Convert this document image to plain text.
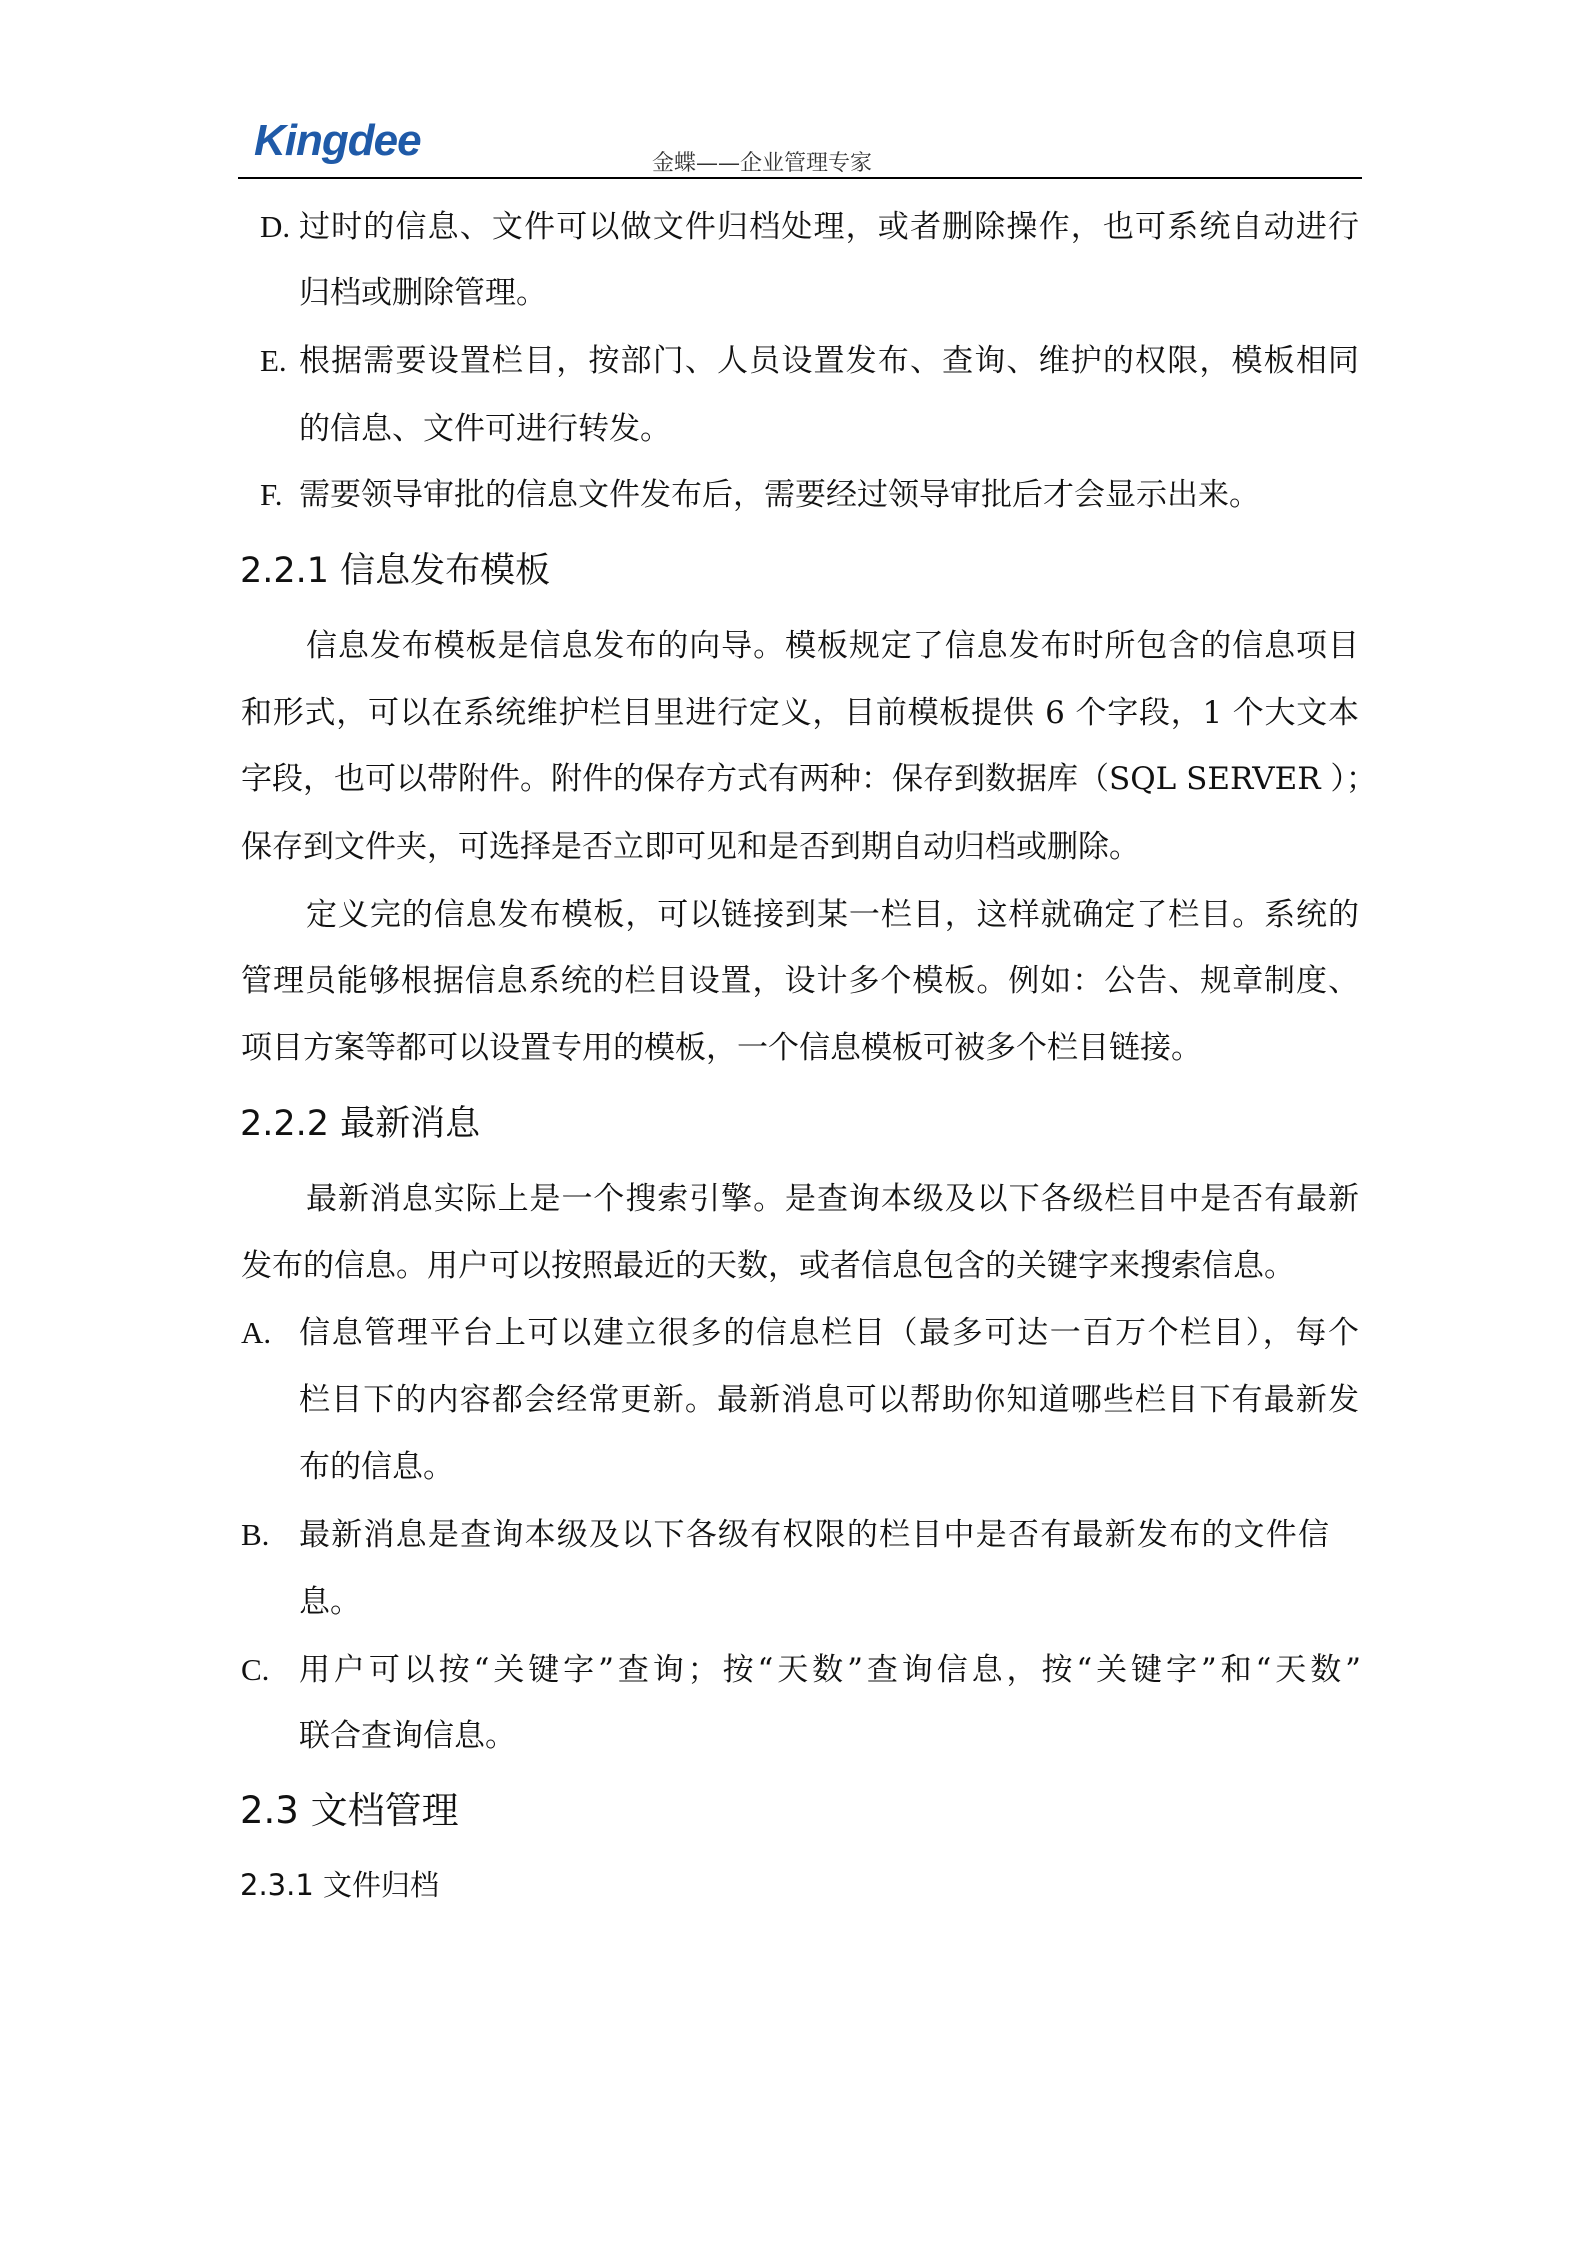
Kingdee	金蝶——企业管理专家
2.2.1 信息发布模板
2.2.2 最新消息
2.3 文档管理
2.3.1 文件归档
过时的信息、文件可以做文件归档处理，或者删除操作，也可系统自动进行
归档或删除管理。
根据需要设置栏目，按部门、人员设置发布、查询、维护的权限，模板相同
的信息、文件可进行转发。
需要领导审批的信息文件发布后，需要经过领导审批后才会显示出来。
信息发布模板是信息发布的向导。模板规定了信息发布时所包含的信息项目
和形式，可以在系统维护栏目里进行定义，目前模板提供 6 个字段，1 个大文本
字段，也可以带附件。附件的保存方式有两种：保存到数据库（SQL SERVER ）；
保存到文件夹，可选择是否立即可见和是否到期自动归档或删除。
定义完的信息发布模板，可以链接到某一栏目，这样就确定了栏目。系统的
管理员能够根据信息系统的栏目设置，设计多个模板。例如：公告、规章制度、
项目方案等都可以设置专用的模板，一个信息模板可被多个栏目链接。
最新消息实际上是一个搜索引擎。是查询本级及以下各级栏目中是否有最新
发布的信息。用户可以按照最近的天数，或者信息包含的关键字来搜索信息。
信息管理平台上可以建立很多的信息栏目（最多可达一百万个栏目），每个
栏目下的内容都会经常更新。最新消息可以帮助你知道哪些栏目下有最新发
布的信息。
最新消息是查询本级及以下各级有权限的栏目中是否有最新发布的文件信
息。
用户可以按“关键字”查询；按“天数”查询信息，按“关键字”和“天数”
联合查询信息。
D.
E.
F.
A.
B.
C.
